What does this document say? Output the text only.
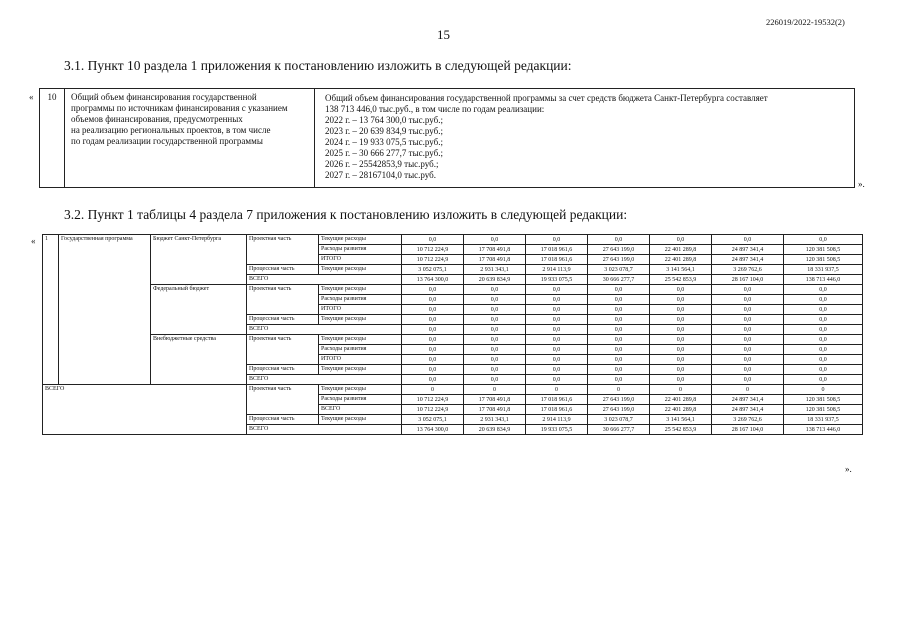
226019/2022-19532(2)
15
3.1. Пункт 10 раздела 1 приложения к постановлению изложить в следующей редакции:
«	10	Общий объем финансирования государственной
программы по источникам финансирования с указанием
объемов финансирования, предусмотренных
на реализацию региональных проектов, в том числе
по годам реализации государственной программы
Общий объем финансирования государственной программы за счет средств бюджета Санкт-Петербурга составляет
138 713 446,0 тыс.руб., в том числе по годам реализации:
2022 г. – 13 764 300,0 тыс.руб.;
2023 г. – 20 639 834,9 тыс.руб.;
2024 г. – 19 933 075,5 тыс.руб.;
2025 г. – 30 666 277,7 тыс.руб.;
2026 г. – 25542853,9 тыс.руб.;
2027 г. – 28167104,0 тыс.руб.
».
3.2. Пункт 1 таблицы 4 раздела 7 приложения к постановлению изложить в следующей редакции:
« 1	Государственная программа	Бюджет Санкт-Петербурга	Проектная часть	Текущие расходы	0,0	0,0	0,0	0,0	0,0	0,0	0,0
				Расходы развития	10 712 224,9	17 708 491,8	17 018 961,6	27 643 199,0	22 401 289,8	24 897 341,4	120 381 508,5
				ИТОГО	10 712 224,9	17 708 491,8	17 018 961,6	27 643 199,0	22 401 289,8	24 897 341,4	120 381 508,5
			Процессная часть	Текущие расходы	3 052 075,1	2 931 343,1	2 914 113,9	3 023 078,7	3 141 564,1	3 269 762,6	18 331 937,5
			ВСЕГО		13 764 300,0	20 639 834,9	19 933 075,5	30 666 277,7	25 542 853,9	28 167 104,0	138 713 446,0
		Федеральный бюджет	Проектная часть	Текущие расходы	0,0	0,0	0,0	0,0	0,0	0,0	0,0
				Расходы развития	0,0	0,0	0,0	0,0	0,0	0,0	0,0
				ИТОГО	0,0	0,0	0,0	0,0	0,0	0,0	0,0
			Процессная часть	Текущие расходы	0,0	0,0	0,0	0,0	0,0	0,0	0,0
			ВСЕГО		0,0	0,0	0,0	0,0	0,0	0,0	0,0
		Внебюджетные средства	Проектная часть	Текущие расходы	0,0	0,0	0,0	0,0	0,0	0,0	0,0
				Расходы развития	0,0	0,0	0,0	0,0	0,0	0,0	0,0
				ИТОГО	0,0	0,0	0,0	0,0	0,0	0,0	0,0
			Процессная часть	Текущие расходы	0,0	0,0	0,0	0,0	0,0	0,0	0,0
			ВСЕГО		0,0	0,0	0,0	0,0	0,0	0,0	0,0
ВСЕГО			Проектная часть	Текущие расходы	0	0	0	0	0	0	0
				Расходы развития	10 712 224,9	17 708 491,8	17 018 961,6	27 643 199,0	22 401 289,8	24 897 341,4	120 381 508,5
				ВСЕГО	10 712 224,9	17 708 491,8	17 018 961,6	27 643 199,0	22 401 289,8	24 897 341,4	120 381 508,5
			Процессная часть	Текущие расходы	3 052 075,1	2 931 343,1	2 914 113,9	3 023 078,7	3 141 564,1	3 269 762,6	18 331 937,5
			ВСЕГО		13 764 300,0	20 639 834,9	19 933 075,5	30 666 277,7	25 542 853,9	28 167 104,0	138 713 446,0
».
